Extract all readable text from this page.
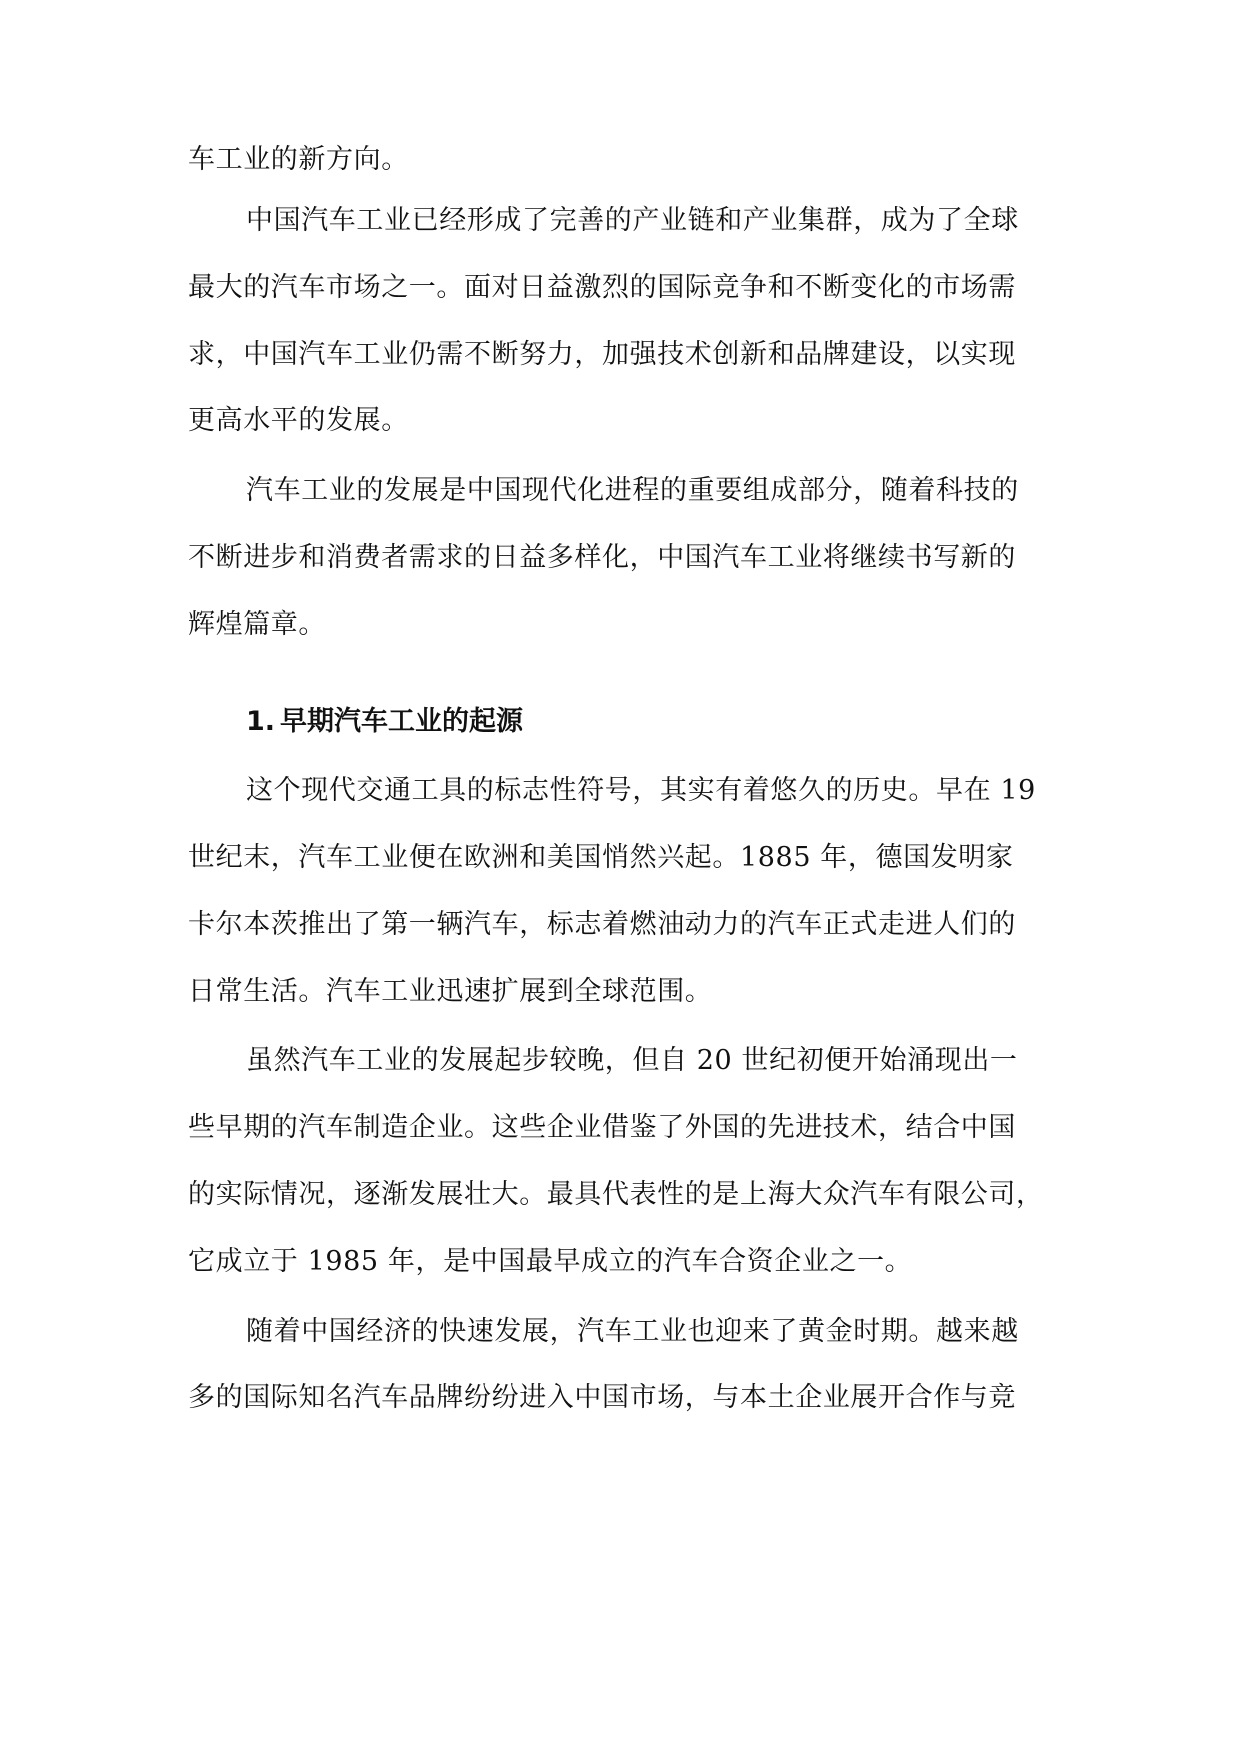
车工业的新方向。
中国汽车工业已经形成了完善的产业链和产业集群，成为了全球
最大的汽车市场之一。面对日益激烈的国际竞争和不断变化的市场需
求，中国汽车工业仍需不断努力，加强技术创新和品牌建设，以实现
更高水平的发展。
汽车工业的发展是中国现代化进程的重要组成部分，随着科技的
不断进步和消费者需求的日益多样化，中国汽车工业将继续书写新的
辉煌篇章。
1. 早期汽车工业的起源
这个现代交通工具的标志性符号，其实有着悠久的历史。早在 19
世纪末，汽车工业便在欧洲和美国悄然兴起。1885 年，德国发明家
卡尔本茨推出了第一辆汽车，标志着燃油动力的汽车正式走进人们的
日常生活。汽车工业迅速扩展到全球范围。
虽然汽车工业的发展起步较晚，但自 20 世纪初便开始涌现出一
些早期的汽车制造企业。这些企业借鉴了外国的先进技术，结合中国
的实际情况，逐渐发展壮大。最具代表性的是上海大众汽车有限公司，
它成立于 1985 年，是中国最早成立的汽车合资企业之一。
随着中国经济的快速发展，汽车工业也迎来了黄金时期。越来越
多的国际知名汽车品牌纷纷进入中国市场，与本土企业展开合作与竞
